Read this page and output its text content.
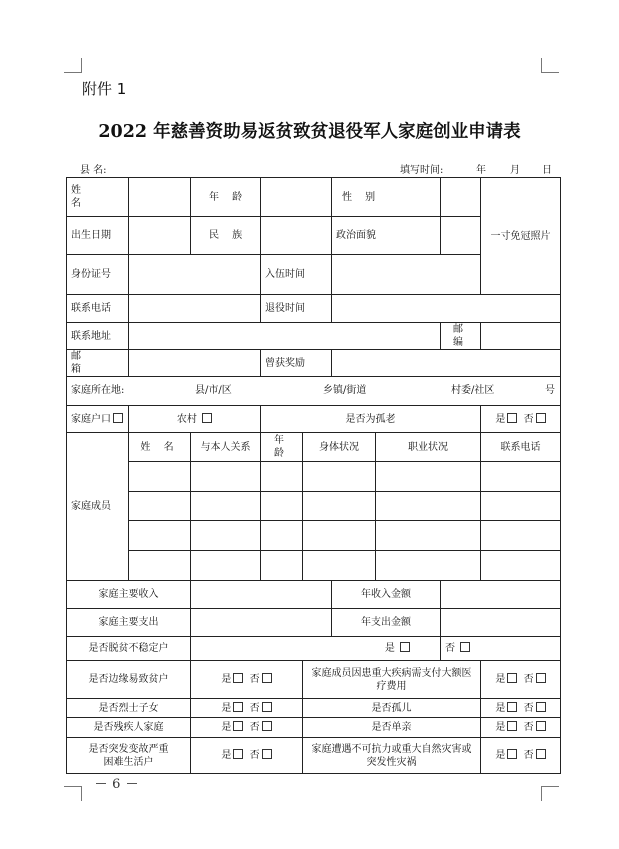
附件 1
2022 年慈善资助易返贫致贫退役军人家庭创业申请表
县 名:	填写时间:	年 月 日
姓 名		年 龄			性 别			一寸免冠照片
出生日期		民 族			政治面貌			
身份证号			入伍时间					
联系电话			退役时间					
联系地址							邮 编	
邮 箱			曾获奖励					

家庭所在地: 县/市/区 乡镇/街道 村委/社区 号								

家庭户口	农村		是否为孤老					是 否
家庭成员	姓 名	与本人关系	年 龄	身体状况		职业状况		联系电话

家庭主要收入					年收入金额			
家庭主要支出					年支出金额			
是否脱贫不稳定户		是					否	
是否边缘易致贫户		是 否		家庭成员因患重大疾病需支付大额医疗费用				是 否
是否烈士子女		是 否		是否孤儿				是 否
是否残疾人家庭		是 否		是否单亲				是 否
是否突发变故严重困难生活户		是 否		家庭遭遇不可抗力或重大自然灾害或突发性灾祸				是 否
6
